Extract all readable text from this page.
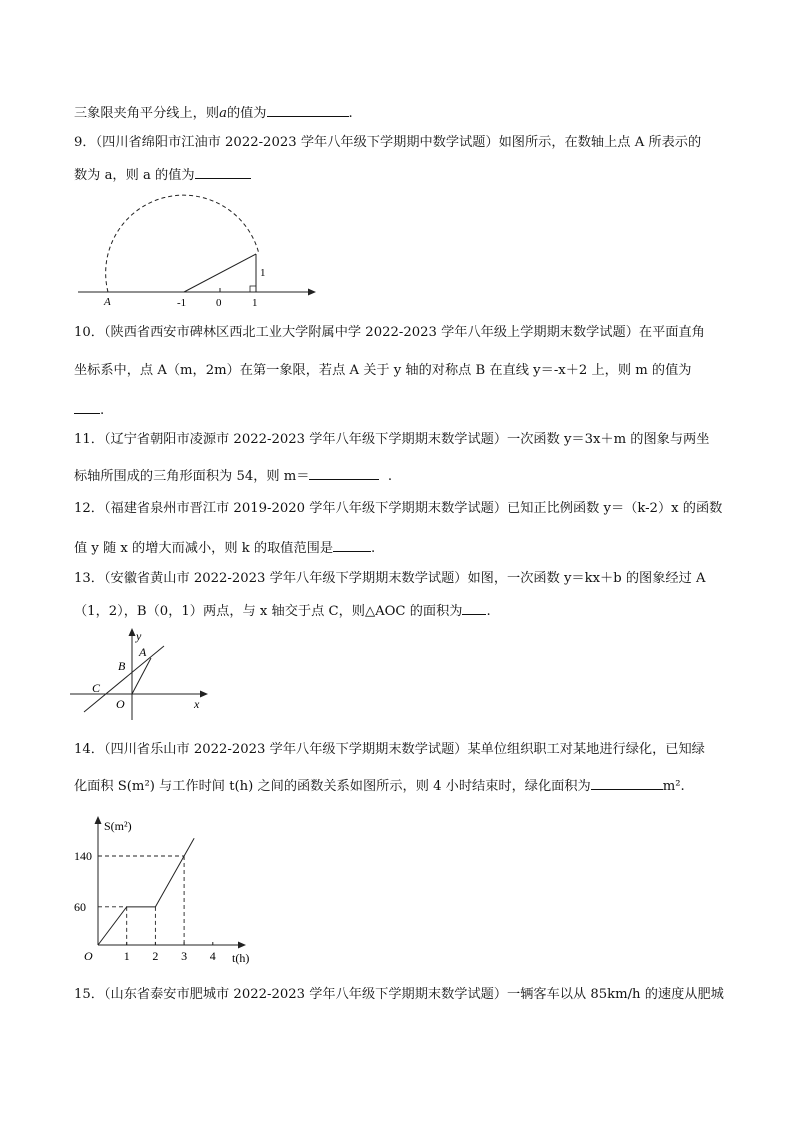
三象限夹角平分线上，则a的值为	.
9．（四川省绵阳市江油市 2022-2023 学年八年级下学期期中数学试题）如图所示，在数轴上点 A 所表示的
数为 a，则 a 的值为
A	-1	0	1
1
10．（陕西省西安市碑林区西北工业大学附属中学 2022-2023 学年八年级上学期期末数学试题）在平面直角
坐标系中，点 A（m，2m）在第一象限，若点 A 关于 y 轴的对称点 B 在直线 y＝-x＋2 上，则 m 的值为
.
11．（辽宁省朝阳市凌源市 2022-2023 学年八年级下学期期末数学试题）一次函数 y＝3x＋m 的图象与两坐
标轴所围成的三角形面积为 54，则 m＝	.
12．（福建省泉州市晋江市 2019-2020 学年八年级下学期期末数学试题）已知正比例函数 y＝（k-2）x 的函数
值 y 随 x 的增大而减小，则 k 的取值范围是	.
13．（安徽省黄山市 2022-2023 学年八年级下学期期末数学试题）如图，一次函数 y＝kx＋b 的图象经过 A
（1，2），B（0，1）两点，与 x 轴交于点 C，则△AOC 的面积为 .
y
A
B
C
O	x
14．（四川省乐山市 2022-2023 学年八年级下学期期末数学试题）某单位组织职工对某地进行绿化，已知绿
化面积 S(m²) 与工作时间 t(h) 之间的函数关系如图所示，则 4 小时结束时，绿化面积为	m².
140
60
1 2 3 4
S(m²)
t(h)
O
15．（山东省泰安市肥城市 2022-2023 学年八年级下学期期末数学试题）一辆客车以从 85km/h 的速度从肥城
